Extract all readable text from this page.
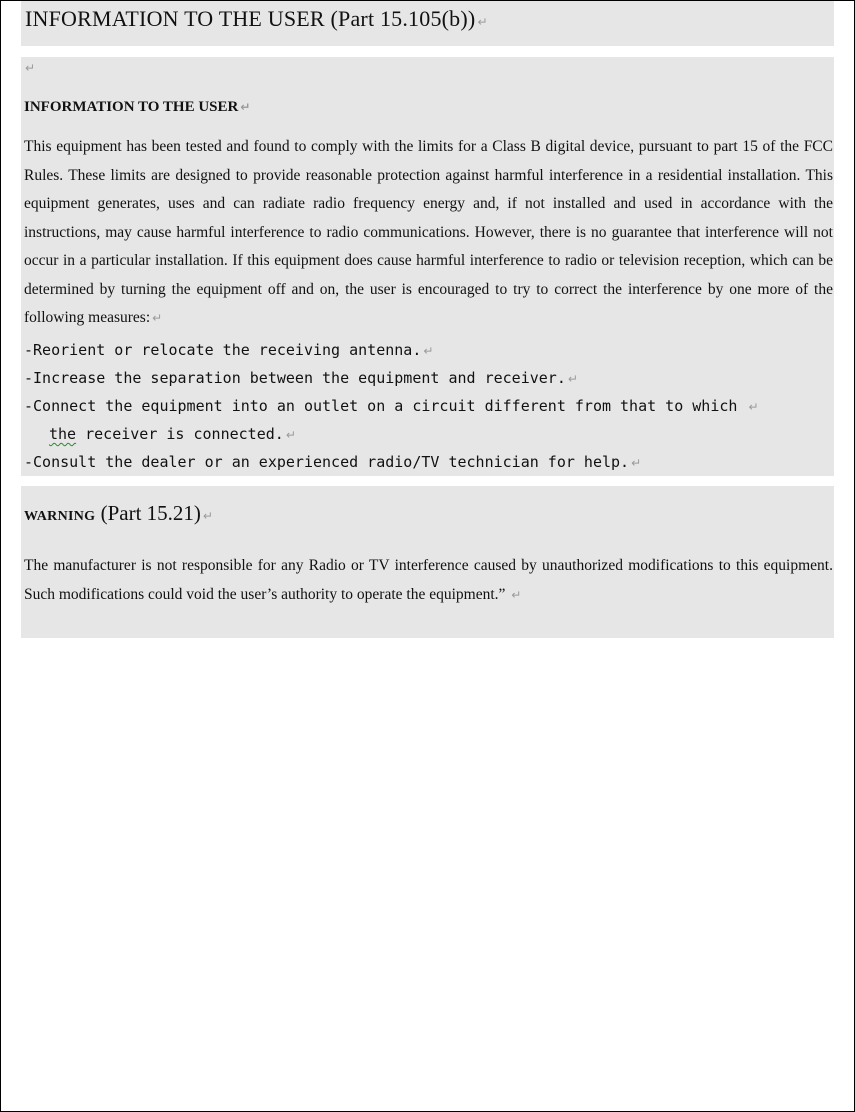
INFORMATION TO THE USER (Part 15.105(b)) ↵
↵
INFORMATION TO THE USER ↵
This equipment has been tested and found to comply with the limits for a Class B digital device, pursuant to part 15 of the FCC Rules. These limits are designed to provide reasonable protection against harmful interference in a residential installation. This equipment generates, uses and can radiate radio frequency energy and, if not installed and used in accordance with the instructions, may cause harmful interference to radio communications. However, there is no guarantee that interference will not occur in a particular installation. If this equipment does cause harmful interference to radio or television reception, which can be determined by turning the equipment off and on, the user is encouraged to try to correct the interference by one more of the following measures: ↵
-Reorient or relocate the receiving antenna. ↵
-Increase the separation between the equipment and receiver. ↵
-Connect the equipment into an outlet on a circuit different from that to which ↵
the receiver is connected. ↵
-Consult the dealer or an experienced radio/TV technician for help. ↵
WARNING (Part 15.21) ↵
The manufacturer is not responsible for any Radio or TV interference caused by unauthorized modifications to this equipment. Such modifications could void the user’s authority to operate the equipment.” ↵
